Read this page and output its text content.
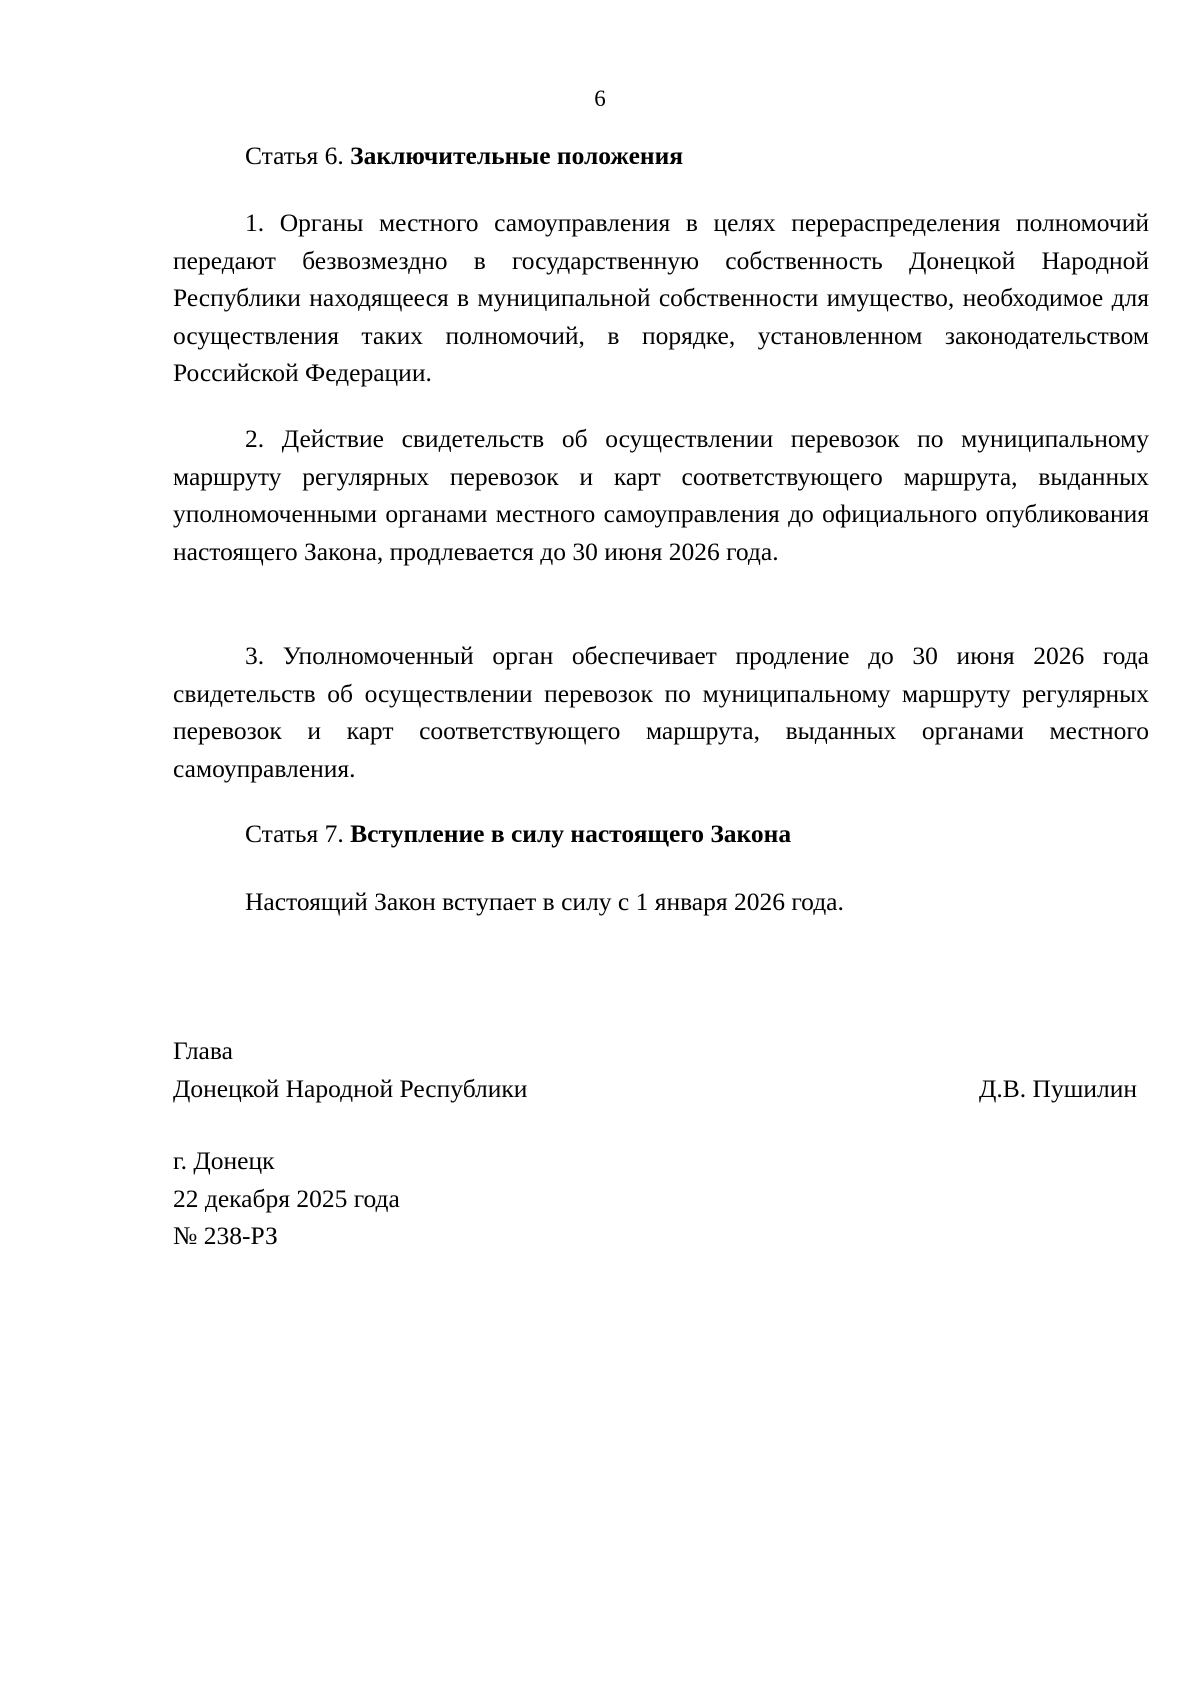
6

Статья 6. Заключительные положения

1. Органы местного самоуправления в целях перераспределения полномочий передают безвозмездно в государственную собственность Донецкой Народной Республики находящееся в муниципальной собственности имущество, необходимое для осуществления таких полномочий, в порядке, установленном законодательством Российской Федерации.

2. Действие свидетельств об осуществлении перевозок по муниципальному маршруту регулярных перевозок и карт соответствующего маршрута, выданных уполномоченными органами местного самоуправления до официального опубликования настоящего Закона, продлевается до 30 июня 2026 года.

3. Уполномоченный орган обеспечивает продление до 30 июня 2026 года свидетельств об осуществлении перевозок по муниципальному маршруту регулярных перевозок и карт соответствующего маршрута, выданных органами местного самоуправления.

Статья 7. Вступление в силу настоящего Закона

Настоящий Закон вступает в силу с 1 января 2026 года.

Глава
Донецкой Народной Республики	Д.В. Пушилин
г. Донецк
22 декабря 2025 года
№ 238-РЗ
